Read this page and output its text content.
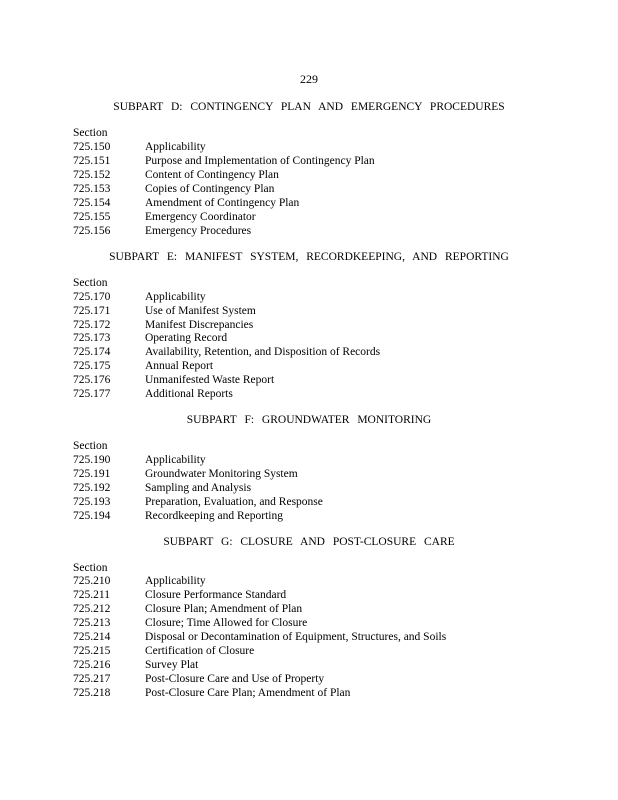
229
SUBPART D: CONTINGENCY PLAN AND EMERGENCY PROCEDURES
Section
725.150	Applicability
725.151	Purpose and Implementation of Contingency Plan
725.152	Content of Contingency Plan
725.153	Copies of Contingency Plan
725.154	Amendment of Contingency Plan
725.155	Emergency Coordinator
725.156	Emergency Procedures
SUBPART E: MANIFEST SYSTEM, RECORDKEEPING, AND REPORTING
Section
725.170	Applicability
725.171	Use of Manifest System
725.172	Manifest Discrepancies
725.173	Operating Record
725.174	Availability, Retention, and Disposition of Records
725.175	Annual Report
725.176	Unmanifested Waste Report
725.177	Additional Reports
SUBPART F: GROUNDWATER MONITORING
Section
725.190	Applicability
725.191	Groundwater Monitoring System
725.192	Sampling and Analysis
725.193	Preparation, Evaluation, and Response
725.194	Recordkeeping and Reporting
SUBPART G: CLOSURE AND POST-CLOSURE CARE
Section
725.210	Applicability
725.211	Closure Performance Standard
725.212	Closure Plan; Amendment of Plan
725.213	Closure; Time Allowed for Closure
725.214	Disposal or Decontamination of Equipment, Structures, and Soils
725.215	Certification of Closure
725.216	Survey Plat
725.217	Post-Closure Care and Use of Property
725.218	Post-Closure Care Plan; Amendment of Plan
